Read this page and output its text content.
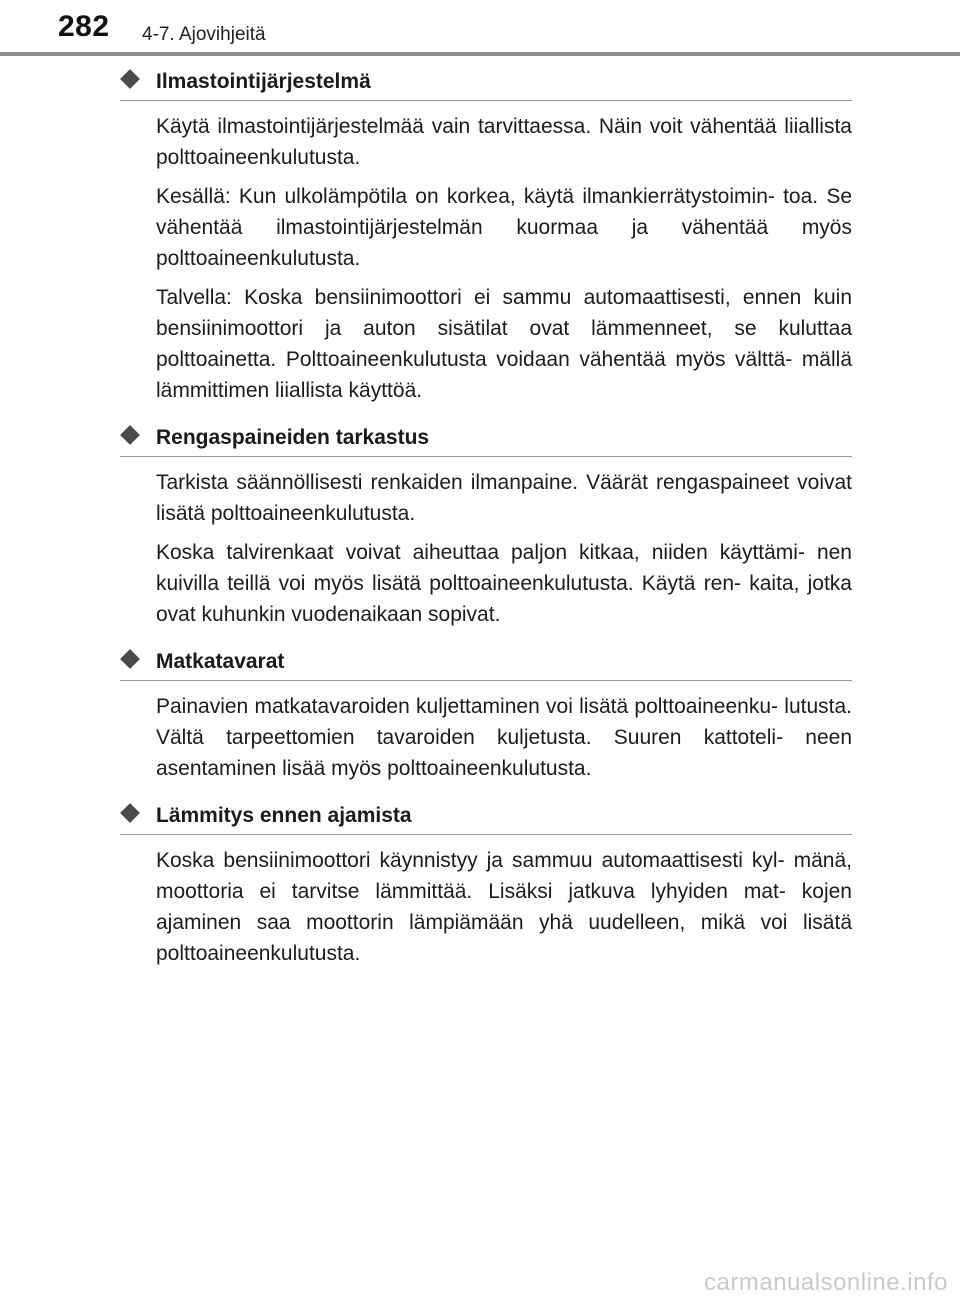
282 4-7. Ajovihjeitä
Ilmastointijärjestelmä

Käytä ilmastointijärjestelmää vain tarvittaessa. Näin voit vähentää liiallista polttoaineenkulutusta.

Kesällä: Kun ulkolämpötila on korkea, käytä ilmankierrätystoimin- toa. Se vähentää ilmastointijärjestelmän kuormaa ja vähentää myös polttoaineenkulutusta.

Talvella: Koska bensiinimoottori ei sammu automaattisesti, ennen kuin bensiinimoottori ja auton sisätilat ovat lämmenneet, se kuluttaa polttoainetta. Polttoaineenkulutusta voidaan vähentää myös välttä- mällä lämmittimen liiallista käyttöä.

Rengaspaineiden tarkastus

Tarkista säännöllisesti renkaiden ilmanpaine. Väärät rengaspaineet voivat lisätä polttoaineenkulutusta.

Koska talvirenkaat voivat aiheuttaa paljon kitkaa, niiden käyttämi- nen kuivilla teillä voi myös lisätä polttoaineenkulutusta. Käytä ren- kaita, jotka ovat kuhunkin vuodenaikaan sopivat.

Matkatavarat

Painavien matkatavaroiden kuljettaminen voi lisätä polttoaineenku- lutusta. Vältä tarpeettomien tavaroiden kuljetusta. Suuren kattoteli- neen asentaminen lisää myös polttoaineenkulutusta.

Lämmitys ennen ajamista

Koska bensiinimoottori käynnistyy ja sammuu automaattisesti kyl- mänä, moottoria ei tarvitse lämmittää. Lisäksi jatkuva lyhyiden mat- kojen ajaminen saa moottorin lämpiämään yhä uudelleen, mikä voi lisätä polttoaineenkulutusta.

carmanualsonline.info
